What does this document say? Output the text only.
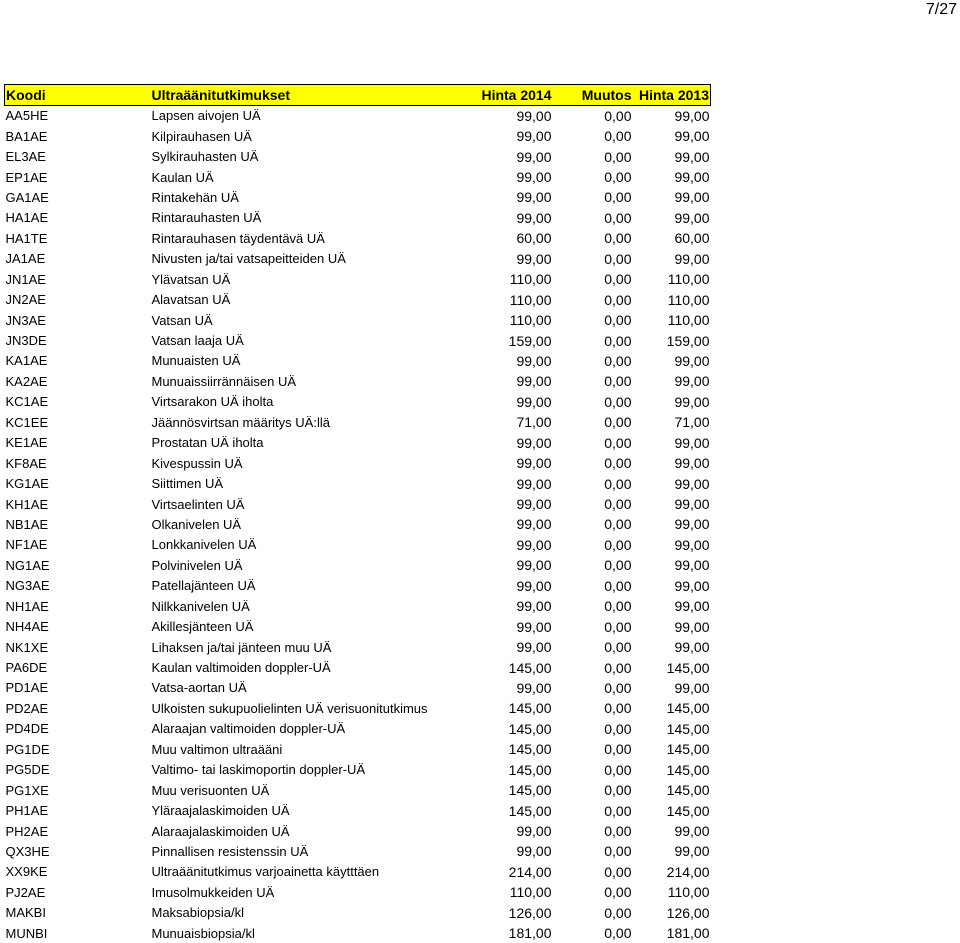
7/27
Koodi	Ultraäänitutkimukset	Hinta 2014	Muutos	Hinta 2013
AA5HE	Lapsen aivojen UÄ	99,00	0,00	99,00
BA1AE	Kilpirauhasen UÄ	99,00	0,00	99,00
EL3AE	Sylkirauhasten UÄ	99,00	0,00	99,00
EP1AE	Kaulan UÄ	99,00	0,00	99,00
GA1AE	Rintakehän UÄ	99,00	0,00	99,00
HA1AE	Rintarauhasten UÄ	99,00	0,00	99,00
HA1TE	Rintarauhasen täydentävä UÄ	60,00	0,00	60,00
JA1AE	Nivusten ja/tai vatsapeitteiden UÄ	99,00	0,00	99,00
JN1AE	Ylävatsan UÄ	110,00	0,00	110,00
JN2AE	Alavatsan UÄ	110,00	0,00	110,00
JN3AE	Vatsan UÄ	110,00	0,00	110,00
JN3DE	Vatsan laaja UÄ	159,00	0,00	159,00
KA1AE	Munuaisten UÄ	99,00	0,00	99,00
KA2AE	Munuaissiirrännäisen UÄ	99,00	0,00	99,00
KC1AE	Virtsarakon UÄ iholta	99,00	0,00	99,00
KC1EE	Jäännösvirtsan määritys UÄ:llä	71,00	0,00	71,00
KE1AE	Prostatan UÄ iholta	99,00	0,00	99,00
KF8AE	Kivespussin UÄ	99,00	0,00	99,00
KG1AE	Siittimen UÄ	99,00	0,00	99,00
KH1AE	Virtsaelinten UÄ	99,00	0,00	99,00
NB1AE	Olkanivelen UÄ	99,00	0,00	99,00
NF1AE	Lonkkanivelen UÄ	99,00	0,00	99,00
NG1AE	Polvinivelen UÄ	99,00	0,00	99,00
NG3AE	Patellajänteen UÄ	99,00	0,00	99,00
NH1AE	Nilkkanivelen UÄ	99,00	0,00	99,00
NH4AE	Akillesjänteen UÄ	99,00	0,00	99,00
NK1XE	Lihaksen ja/tai jänteen muu UÄ	99,00	0,00	99,00
PA6DE	Kaulan valtimoiden doppler-UÄ	145,00	0,00	145,00
PD1AE	Vatsa-aortan UÄ	99,00	0,00	99,00
PD2AE	Ulkoisten sukupuolielinten UÄ verisuonitutkimus	145,00	0,00	145,00
PD4DE	Alaraajan valtimoiden doppler-UÄ	145,00	0,00	145,00
PG1DE	Muu valtimon ultraääni	145,00	0,00	145,00
PG5DE	Valtimo- tai laskimoportin doppler-UÄ	145,00	0,00	145,00
PG1XE	Muu verisuonten UÄ	145,00	0,00	145,00
PH1AE	Yläraajalaskimoiden UÄ	145,00	0,00	145,00
PH2AE	Alaraajalaskimoiden UÄ	99,00	0,00	99,00
QX3HE	Pinnallisen resistenssin UÄ	99,00	0,00	99,00
XX9KE	Ultraäänitutkimus varjoainetta käytttäen	214,00	0,00	214,00
PJ2AE	Imusolmukkeiden UÄ	110,00	0,00	110,00
MAKBI	Maksabiopsia/kl	126,00	0,00	126,00
MUNBI	Munuaisbiopsia/kl	181,00	0,00	181,00
